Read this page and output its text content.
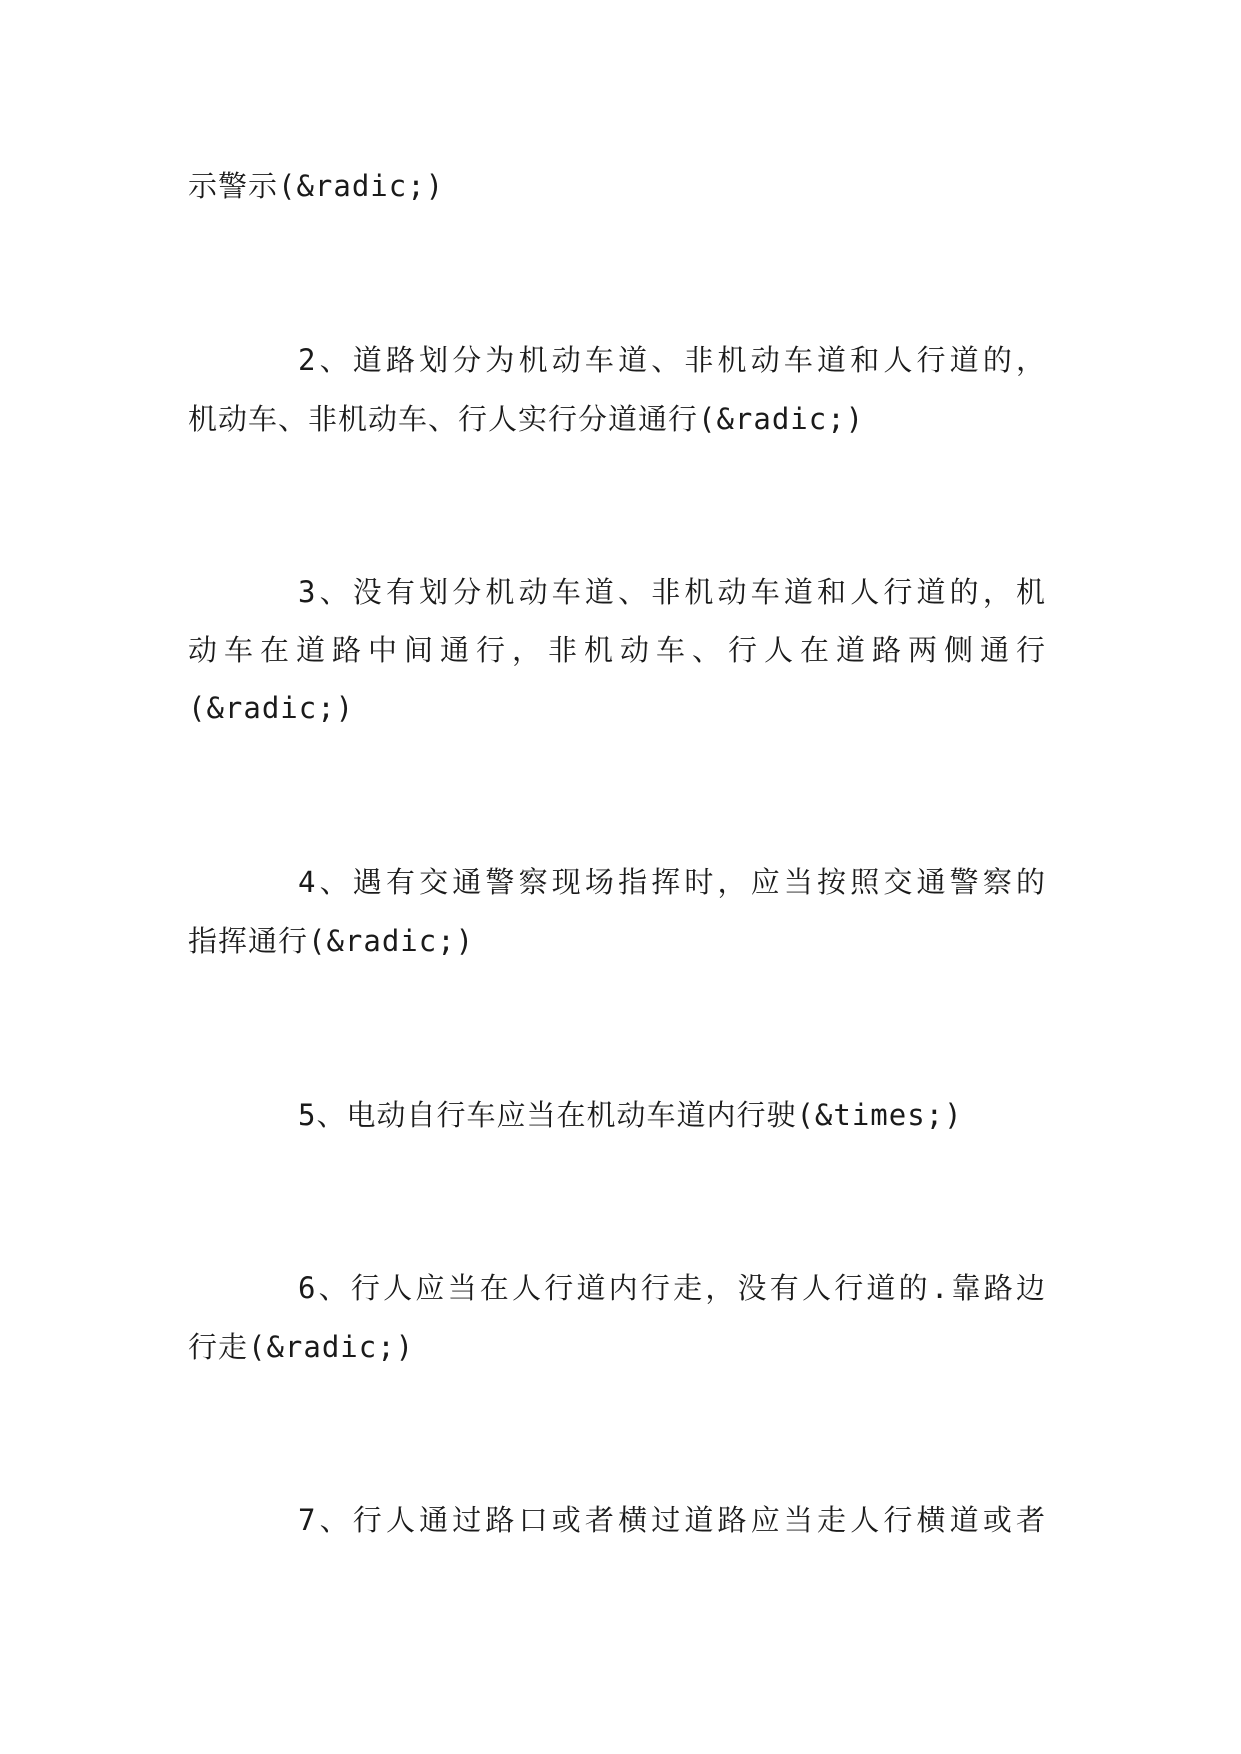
示警示(&radic;)
2、道路划分为机动车道、非机动车道和人行道的，
机动车、非机动车、行人实行分道通行(&radic;)
3、没有划分机动车道、非机动车道和人行道的，机
动车在道路中间通行，非机动车、行人在道路两侧通行
(&radic;)
4、遇有交通警察现场指挥时，应当按照交通警察的
指挥通行(&radic;)
5、电动自行车应当在机动车道内行驶(&times;)
6、行人应当在人行道内行走，没有人行道的.靠路边
行走(&radic;)
7、行人通过路口或者横过道路应当走人行横道或者
